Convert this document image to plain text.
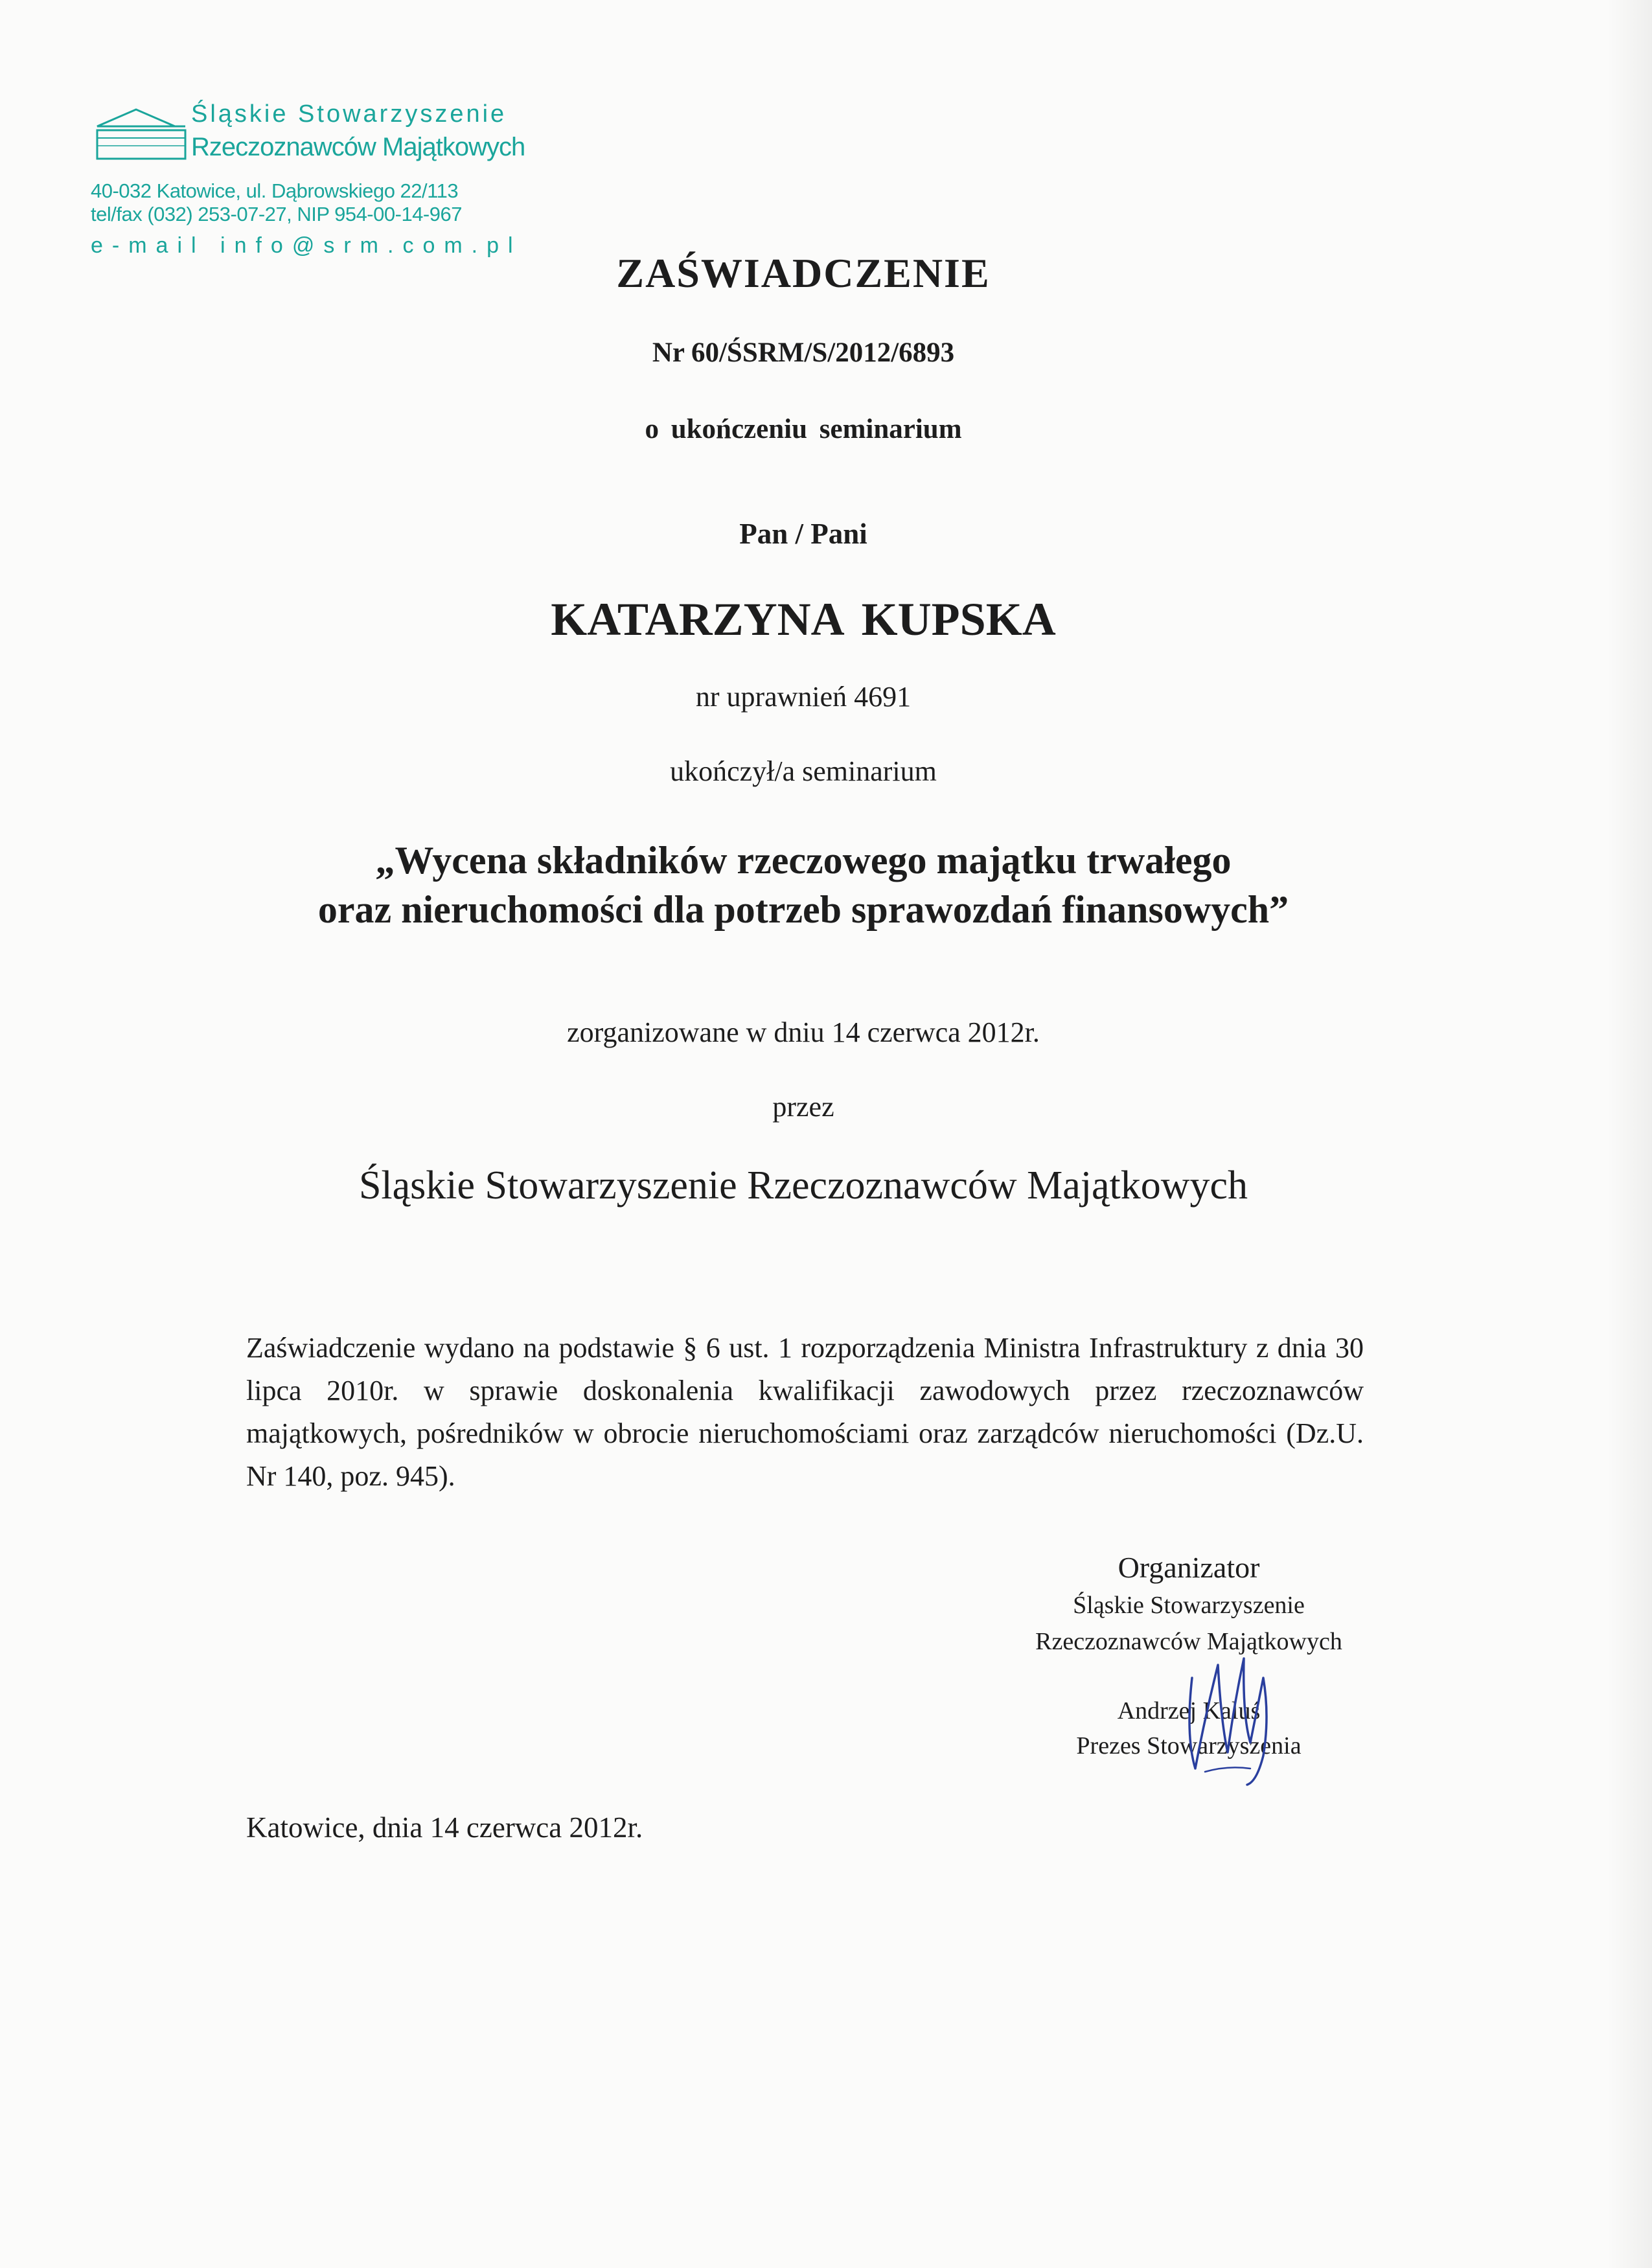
Śląskie Stowarzyszenie
Rzeczoznawców Majątkowych
40-032 Katowice, ul. Dąbrowskiego 22/113
tel/fax (032) 253-07-27, NIP 954-00-14-967
e-mail info@srm.com.pl
ZAŚWIADCZENIE
Nr 60/ŚSRM/S/2012/6893
o ukończeniu seminarium
Pan / Pani
KATARZYNA KUPSKA
nr uprawnień 4691
ukończył/a seminarium
„Wycena składników rzeczowego majątku trwałego
oraz nieruchomości dla potrzeb sprawozdań finansowych”
zorganizowane w dniu 14 czerwca 2012r.
przez
Śląskie Stowarzyszenie Rzeczoznawców Majątkowych
Zaświadczenie wydano na podstawie § 6 ust. 1 rozporządzenia Ministra Infrastruktury z dnia 30 lipca 2010r. w sprawie doskonalenia kwalifikacji zawodowych przez rzeczoznawców majątkowych, pośredników w obrocie nieruchomościami oraz zarządców nieruchomości (Dz.U. Nr 140, poz. 945).
Organizator
Śląskie Stowarzyszenie
Rzeczoznawców Majątkowych
Andrzej Kaluś
Prezes Stowarzyszenia
Katowice, dnia 14 czerwca 2012r.
